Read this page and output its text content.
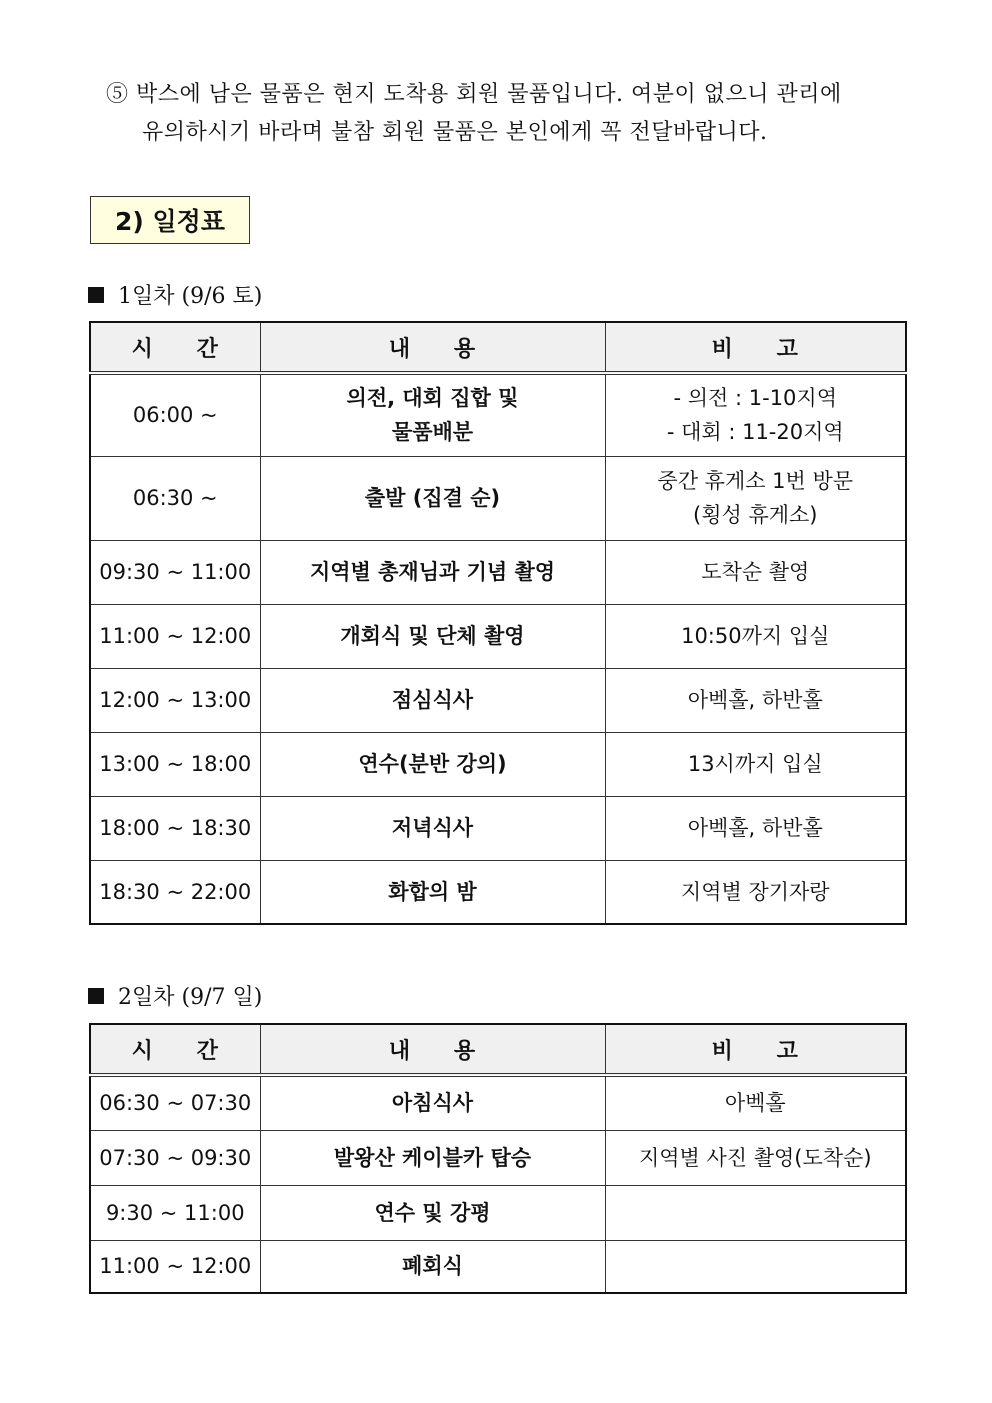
⑤ 박스에 남은 물품은 현지 도착용 회원 물품입니다. 여분이 없으니 관리에
유의하시기 바라며 불참 회원 물품은 본인에게 꼭 전달바랍니다.
2) 일정표
1일차 (9/6 토)
시 간	내 용	비 고
06:00 ~	의전, 대회 집합 및
물품배분	- 의전 : 1-10지역
- 대회 : 11-20지역

06:30 ~	출발 (집결 순)	중간 휴게소 1번 방문
(횡성 휴게소)

09:30 ~ 11:00	지역별 총재님과 기념 촬영	도착순 촬영

11:00 ~ 12:00	개회식 및 단체 촬영	10:50까지 입실

12:00 ~ 13:00	점심식사	아벡홀, 하반홀

13:00 ~ 18:00	연수(분반 강의)	13시까지 입실

18:00 ~ 18:30	저녁식사	아벡홀, 하반홀

18:30 ~ 22:00	화합의 밤	지역별 장기자랑
2일차 (9/7 일)
시 간	내 용	비 고
06:30 ~ 07:30	아침식사	아벡홀

07:30 ~ 09:30	발왕산 케이블카 탑승	지역별 사진 촬영(도착순)

9:30 ~ 11:00	연수 및 강평	

11:00 ~ 12:00	폐회식	
